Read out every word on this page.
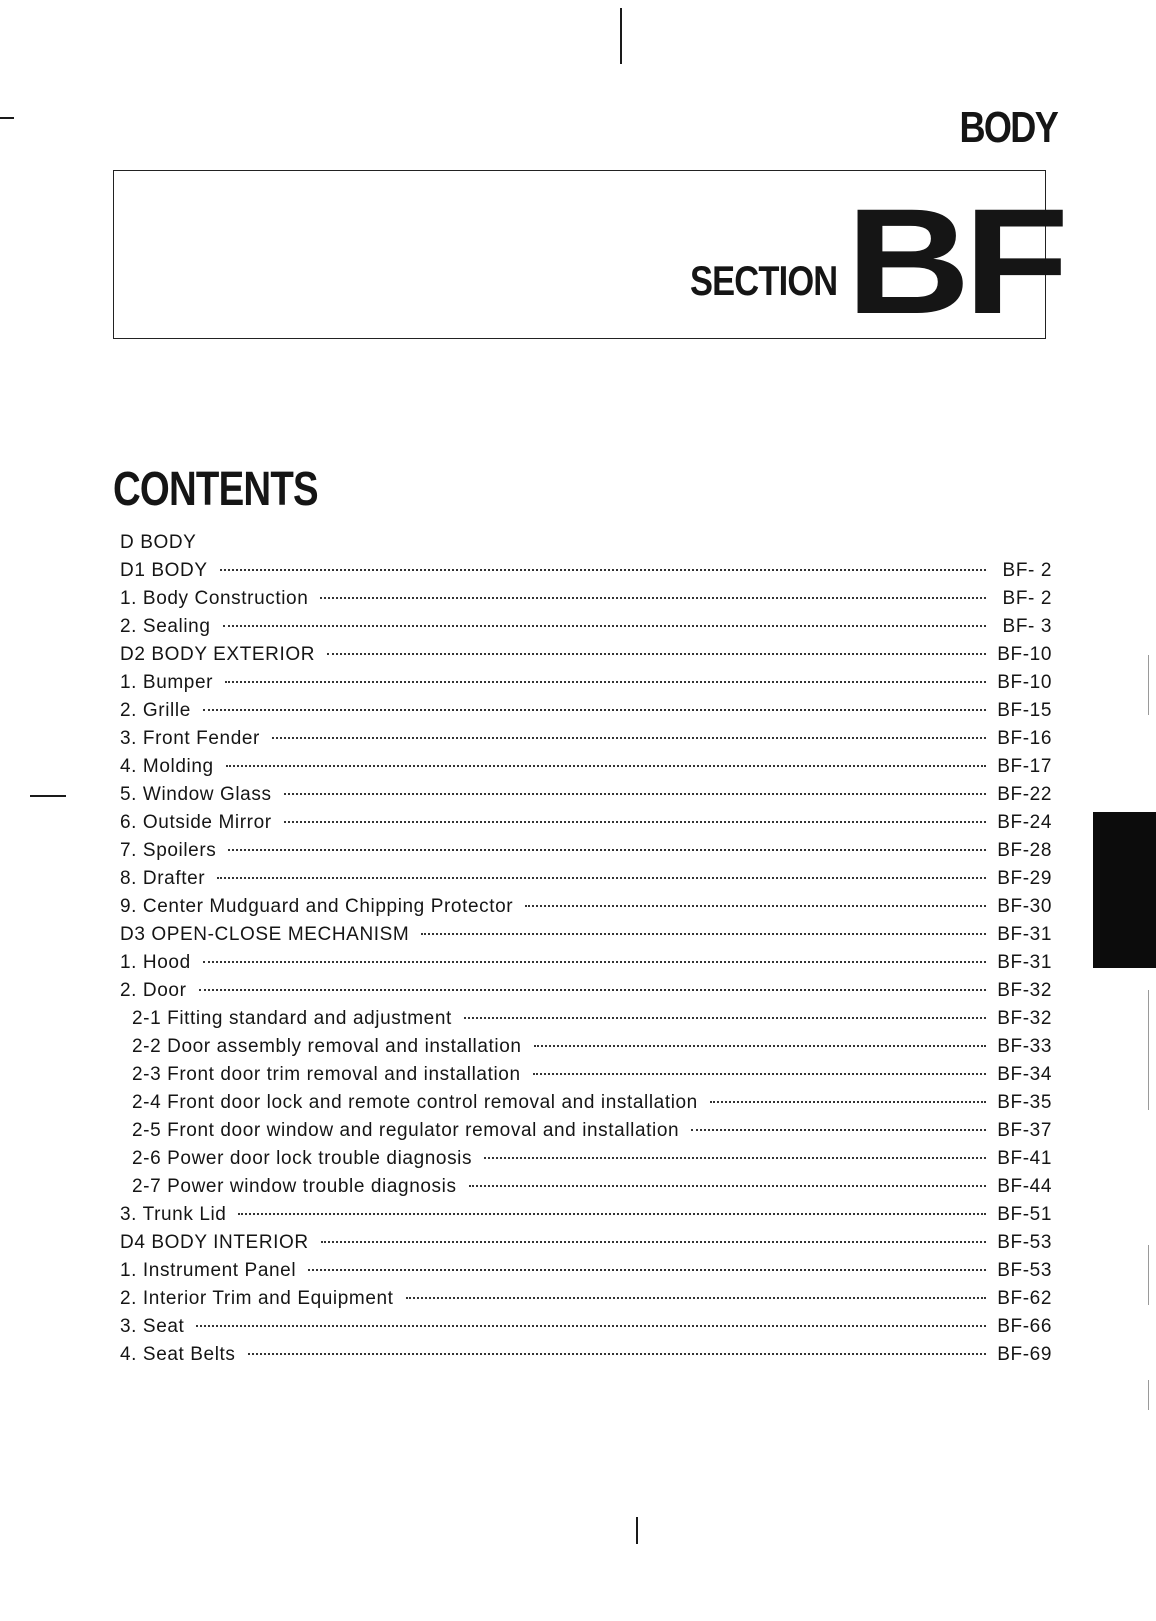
BODY
SECTION BF
CONTENTS
D BODY
D1 BODY	BF- 2
1. Body Construction	BF- 2
2. Sealing	BF- 3
D2 BODY EXTERIOR	BF-10
1. Bumper	BF-10
2. Grille	BF-15
3. Front Fender	BF-16
4. Molding	BF-17
5. Window Glass	BF-22
6. Outside Mirror	BF-24
7. Spoilers	BF-28
8. Drafter	BF-29
9. Center Mudguard and Chipping Protector	BF-30
D3 OPEN-CLOSE MECHANISM	BF-31
1. Hood	BF-31
2. Door	BF-32
2-1 Fitting standard and adjustment	BF-32
2-2 Door assembly removal and installation	BF-33
2-3 Front door trim removal and installation	BF-34
2-4 Front door lock and remote control removal and installation	BF-35
2-5 Front door window and regulator removal and installation	BF-37
2-6 Power door lock trouble diagnosis	BF-41
2-7 Power window trouble diagnosis	BF-44
3. Trunk Lid	BF-51
D4 BODY INTERIOR	BF-53
1. Instrument Panel	BF-53
2. Interior Trim and Equipment	BF-62
3. Seat	BF-66
4. Seat Belts	BF-69
